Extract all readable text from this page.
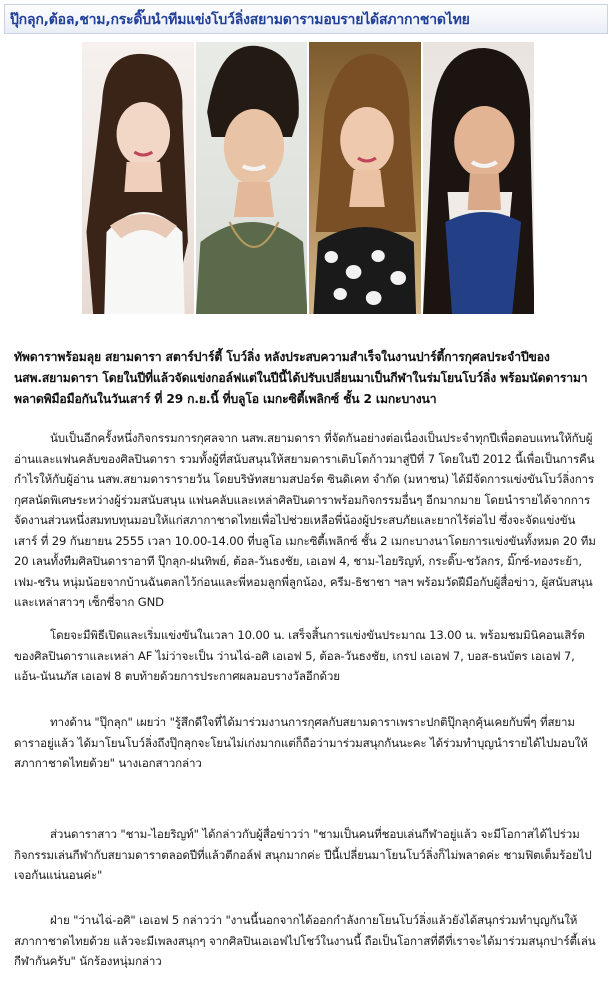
ปุ๊กลุก,ต้อล,ชาม,กระดิ๊บนำทีมแข่งโบว์ลิ่งสยามดารามอบรายได้สภากาชาดไทย
ทัพดาราพร้อมลุย สยามดารา สตาร์ปาร์ตี้ โบว์ลิ่ง หลังประสบความสำเร็จในงานปาร์ตี้การกุศลประจำปีของ นสพ.สยามดารา โดยในปีที่แล้วจัดแข่งกอล์ฟแต่ในปีนี้ได้ปรับเปลี่ยนมาเป็นกีฬาในร่มโยนโบว์ลิ่ง พร้อมนัดดารามาพลาดพิมือมือกันในวันเสาร์ ที่ 29 ก.ย.นี้ ที่บลูโอ เมกะซิตี้เพลิกซ์ ชั้น 2 เมกะบางนา
นับเป็นอีกครั้งหนึ่งกิจกรรมการกุศลจาก นสพ.สยามดารา ที่จัดกันอย่างต่อเนื่องเป็นประจำทุกปีเพื่อตอบแทนให้กับผู้อ่านและแฟนคลับของศิลปินดารา รวมทั้งผู้ที่สนับสนุนให้สยามดาราเติบโตก้าวมาสู่ปีที่ 7 โดยในปี 2012 นี้เพื่อเป็นการคืนกำไรให้กับผู้อ่าน นสพ.สยามดารารายวัน โดยบริษัทสยามสปอร์ต ซินดิเคท จำกัด (มหาชน) ได้มีจัดการแข่งขันโบว์ลิ่งการกุศลนัดพิเศษระหว่างผู้ร่วมสนับสนุน แฟนคลับและเหล่าศิลปินดาราพร้อมกิจกรรมอื่นๆ อีกมากมาย โดยนำรายได้จากการจัดงานส่วนหนึ่งสมทบทุนมอบให้แก่สภากาชาดไทยเพื่อไปช่วยเหลือพี่น้องผู้ประสบภัยและยากไร้ต่อไป ซึ่งจะจัดแข่งขัน เสาร์ ที่ 29 กันยายน 2555 เวลา 10.00-14.00 ที่บลูโอ เมกะซิตี้เพลิกซ์ ชั้น 2 เมกะบางนาโดยการแข่งขันทั้งหมด 20 ทีม 20 เลนทั้งทีมศิลปินดาราอาที ปุ๊กลุก-ฝนทิพย์, ต้อล-วันธงชัย, เอเอฟ 4, ชาม-ไอยริญท์, กระดิ๊บ-ชวัลกร, มิ๊กซ์-ทองระย้า, เฟม-ชริน หนุ่มน้อยจากบ้านฉันตลกไว้ก่อนและพี่หอมลูกพี่ลูกน้อง, ครีม-ธิชาชา ฯลฯ พร้อมวัดฝีมือกับผู้สื่อข่าว, ผู้สนับสนุน และเหล่าสาวๆ เซ็กซี่จาก GND
โดยจะมีพิธีเปิดและเริ่มแข่งขันในเวลา 10.00 น. เสร็จสิ้นการแข่งขันประมาณ 13.00 น. พร้อมชมมินิคอนเสิร์ตของศิลปินดาราและเหล่า AF ไม่ว่าจะเป็น ว่านไฉ่-อศิ เอเอฟ 5, ต้อล-วันธงชัย, เกรป เอเอฟ 7, บอส-ธนบัตร เอเอฟ 7, แอ้น-นันนภัส เอเอฟ 8 ตบท้ายด้วยการประกาศผลมอบรางวัลอีกด้วย
ทางด้าน "ปุ๊กลุก" เผยว่า "รู้สึกดีใจที่ได้มาร่วมงานการกุศลกับสยามดาราเพราะปกติปุ๊กลุกคุ้นเคยกับพี่ๆ ที่สยามดาราอยู่แล้ว ได้มาโยนโบว์ลิ่งถึงปุ๊กลุกจะโยนไม่เก่งมากแต่ก็ถือว่ามาร่วมสนุกกันนะคะ ได้ร่วมทำบุญนำรายได้ไปมอบให้สภากาชาดไทยด้วย" นางเอกสาวกล่าว
ส่วนดาราสาว "ชาม-ไอยริญท์" ได้กล่าวกับผู้สื่อข่าวว่า "ชามเป็นคนที่ชอบเล่นกีฬาอยู่แล้ว จะมีโอกาสได้ไปร่วมกิจกรรมเล่นกีฬากับสยามดาราตลอดปีที่แล้วตีกอล์ฟ สนุกมากค่ะ ปีนี้เปลี่ยนมาโยนโบว์ลิ่งก็ไม่พลาดค่ะ ชามฟิตเต็มร้อยไปเจอกันแน่นอนค่ะ"
ฝ่าย "ว่านไฉ่-อศิ" เอเอฟ 5 กล่าวว่า "งานนี้นอกจากได้ออกกำลังกายโยนโบว์ลิ่งแล้วยังได้สนุกร่วมทำบุญกันให้สภากาชาดไทยด้วย แล้วจะมีเพลงสนุกๆ จากศิลปินเอเอฟไปโชว์ในงานนี้ ถือเป็นโอกาสที่ดีที่เราจะได้มาร่วมสนุกปาร์ตี้เล่นกีฬากันครับ" นักร้องหนุ่มกล่าว
